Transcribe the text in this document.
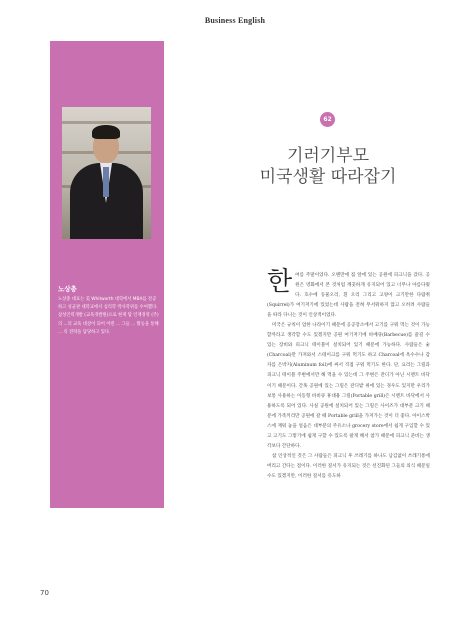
Business English
노상충
노상충 대표는 美 Whitworth 대학에서 MBA를 전공하고 성균관 대학교에서 심리학 박사학위를 수여했다. 삼성인력개발 (교육개발원)으로 현재 탑 인재경영 (주)의 ...의 교육 대상이 되어 어떤 ... 그들 ... 활동을 통해 ... 의 전략을 담당하고 있다.
62
기러기부모
미국생활 따라잡기

한여름 주말이었다. 오랜만에 집 앞에 있는 공원에 피크닉을 갔다. 공원은 영화에서 본 것처럼 깨끗하게 유지되어 있고 너무나 아름다웠다. 호수에 동물오리, 흰 오리 그리고 고양이 크기만한 다람쥐(Squirrel)가 여기저기에 있었는데 사람을 전혀 무서워하지 않고 오히려 사람들을 따라 다니는 것이 인상적이었다.

미국은 규칙이 엄한 나라이기 때문에 공공장소에서 고기를 구워 먹는 것이 가능할까라고 생각할 수도 있겠지만 공원 여기저기에 바베큐(Barbecue)를 즐길 수 있는 장비와 피크닉 테이블이 설치되어 있기 때문에 가능하다. 사람들은 숯(Charcoal)만 가져와서 스테이크를 구워 먹기도 하고 Charcoal에 옥수수나 감자를 은박지(Aluminum foil)에 싸서 직접 구워 먹기도 한다. 단, 요리는 그릴과 피크닉 테이블 주변에서만 해 먹을 수 있는데 그 주변은 잔디가 아닌 시멘트 바닥이기 때문이다. 간혹 공원에 있는 그릴은 잔디밭 위에 있는 경우도 있지만 우리가 보통 사용하는 이동형 바비큐 휴대용 그릴(Portable grill)은 시멘트 바닥에서 사용하도록 되어 있다. 사실 공원에 설치되어 있는 그릴은 사이즈가 대부분 크기 때문에 가족끼리만 공원에 갈 때 Portable grill을 가져가는 것이 더 좋다. 아이스박스에 재워 놓을 얼음은 대부분의 주유소나 grocery store에서 쉽게 구입할 수 있고 고기도 그렇기에 쉽게 구할 수 있도록 팔게 해서 참가 때문에 피크닉 준비는 생각보다 간단하다.

참 인상적인 것은 그 사람들은 피크닉 후 쓰레기를 하나도 남김없이 쓰레기통에 버리고 간다는 점이다. 이러한 질서가 유지되는 것은 선진화된 그들의 의식 때문일 수도 있겠지만, 이러한 질서를 유도하

70
